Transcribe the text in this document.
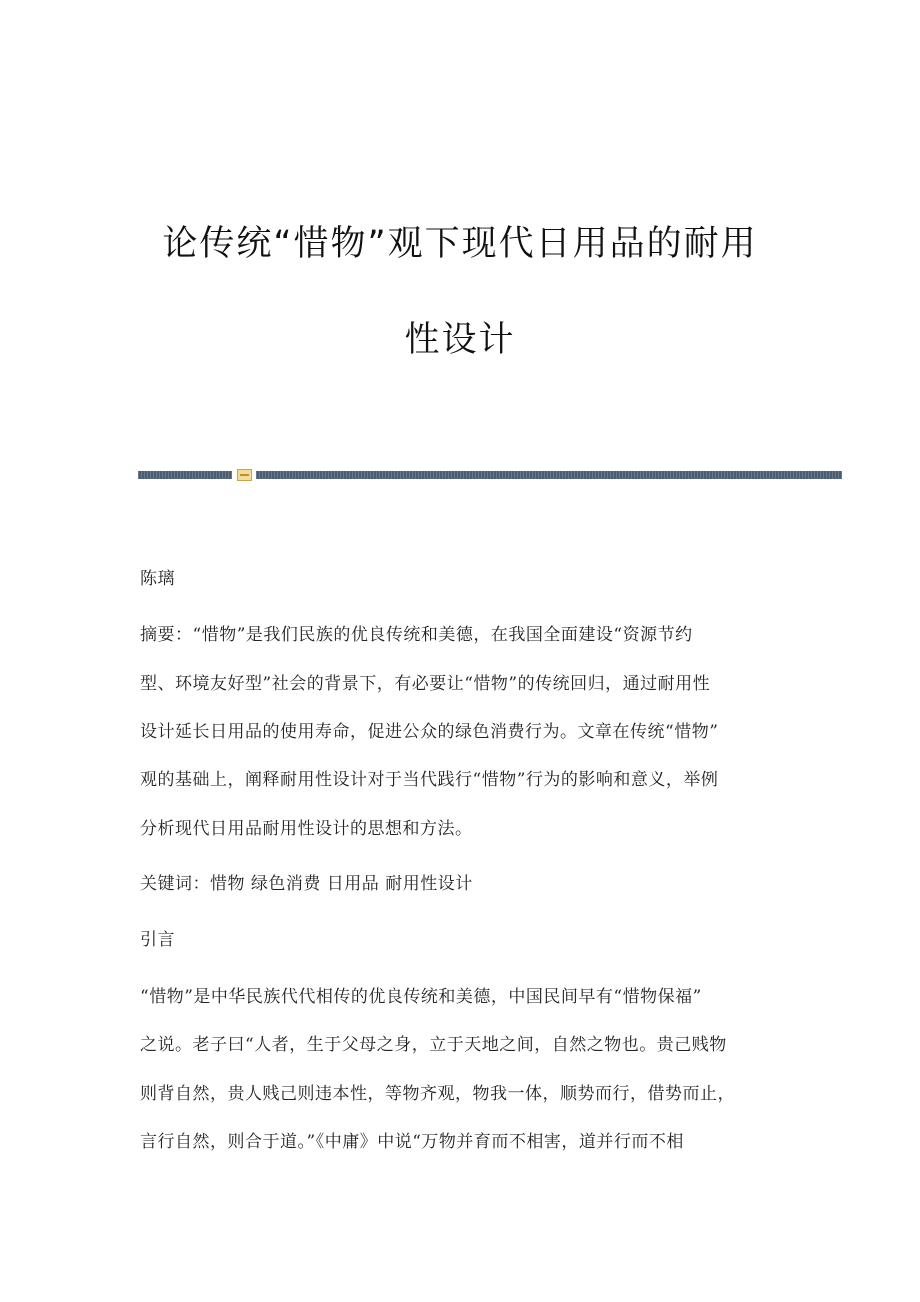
论传统“惜物”观下现代日用品的耐用
性设计
陈璃
摘要：“惜物”是我们民族的优良传统和美德，在我国全面建设“资源节约
型、环境友好型”社会的背景下，有必要让“惜物”的传统回归，通过耐用性
设计延长日用品的使用寿命，促进公众的绿色消费行为。文章在传统“惜物”
观的基础上，阐释耐用性设计对于当代践行“惜物”行为的影响和意义，举例
分析现代日用品耐用性设计的思想和方法。
关键词：惜物 绿色消费 日用品 耐用性设计
引言
“惜物”是中华民族代代相传的优良传统和美德，中国民间早有“惜物保福”
之说。老子曰“人者，生于父母之身，立于天地之间，自然之物也。贵己贱物
则背自然，贵人贱己则违本性，等物齐观，物我一体，顺势而行，借势而止，
言行自然，则合于道。”《中庸》中说“万物并育而不相害，道并行而不相
